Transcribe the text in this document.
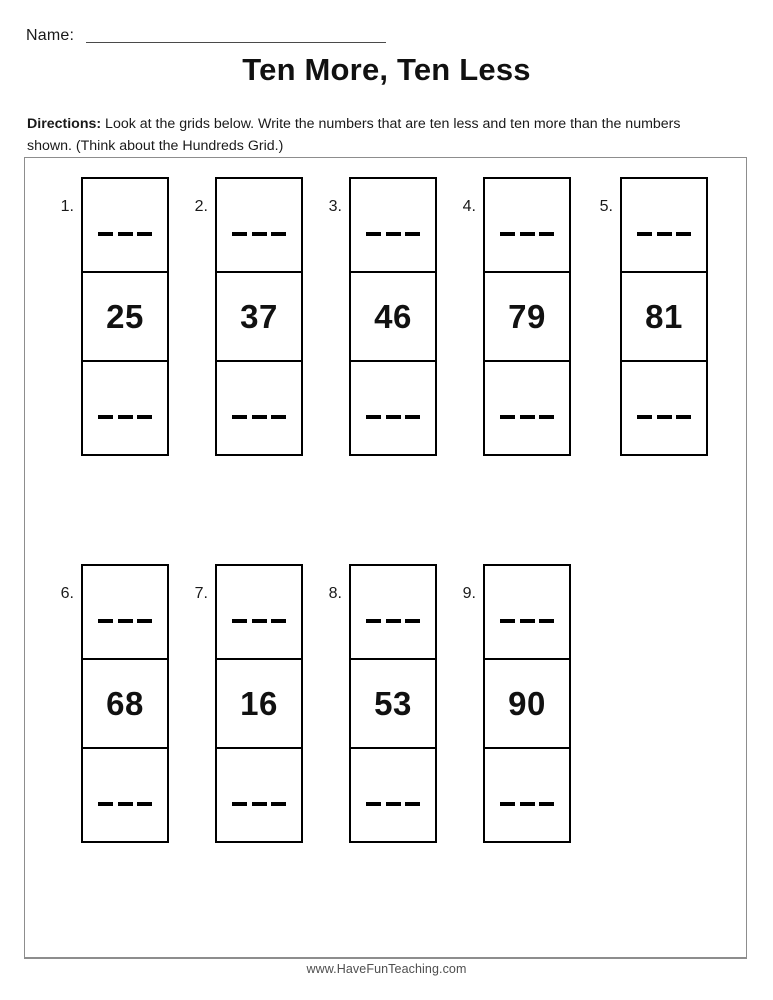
Name:
Ten More, Ten Less
Directions: Look at the grids below. Write the numbers that are ten less and ten more than the numbers shown. (Think about the Hundreds Grid.)
1.
25
2.
37
3.
46
4.
79
5.
81
6.
68
7.
16
8.
53
9.
90
www.HaveFunTeaching.com
